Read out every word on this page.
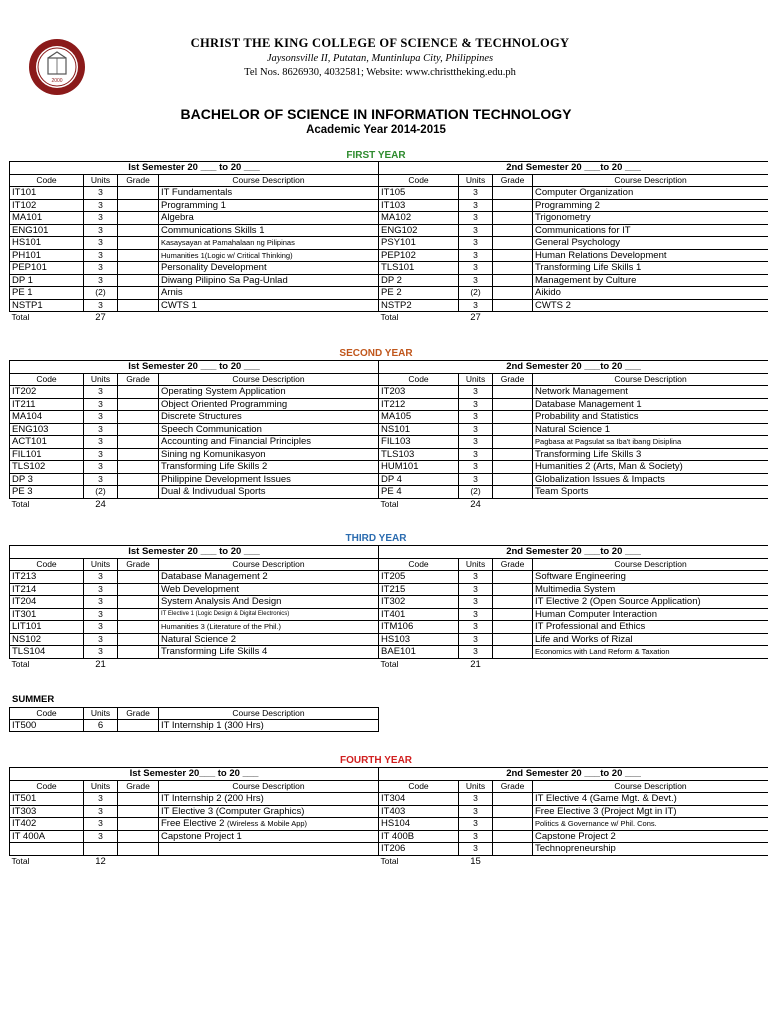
2000
CHRIST THE KING COLLEGE OF SCIENCE & TECHNOLOGY
Jaysonsville II, Putatan, Muntinlupa City, Philippines
Tel Nos. 8626930, 4032581; Website: www.christtheking.edu.ph
BACHELOR OF SCIENCE IN INFORMATION TECHNOLOGY
Academic Year 2014-2015
FIRST YEAR
Ist Semester 20 ___ to 20 ___				2nd Semester 20 ___to 20 ___			
Code	Units	Grade	Course Description	Code	Units	Grade	Course Description
IT101	3		IT Fundamentals	IT105	3		Computer Organization
IT102	3		Programming 1	IT103	3		Programming 2
MA101	3		Algebra	MA102	3		Trigonometry
ENG101	3		Communications Skills 1	ENG102	3		Communications for IT
HS101	3		Kasaysayan at Pamahalaan ng Pilipinas	PSY101	3		General Psychology
PH101	3		Humanities 1(Logic w/ Critical Thinking)	PEP102	3		Human Relations Development
PEP101	3		Personality Development	TLS101	3		Transforming Life Skills 1
DP 1	3		Diwang Pilipino Sa Pag-Unlad	DP 2	3		Management by Culture
PE 1	(2)		Arnis	PE 2	(2)		Aikido
NSTP1	3		CWTS 1	NSTP2	3		CWTS 2
Total	27			Total	27		
SECOND YEAR
Ist Semester 20 ___ to 20 ___				2nd Semester 20 ___to 20 ___			
Code	Units	Grade	Course Description	Code	Units	Grade	Course Description
IT202	3		Operating System Application	IT203	3		Network Management
IT211	3		Object Oriented Programming	IT212	3		Database Management 1
MA104	3		Discrete Structures	MA105	3		Probability and Statistics
ENG103	3		Speech Communication	NS101	3		Natural Science 1
ACT101	3		Accounting and Financial Principles	FIL103	3		Pagbasa at Pagsulat sa Iba't ibang Disiplina
FIL101	3		Sining ng Komunikasyon	TLS103	3		Transforming Life Skills 3
TLS102	3		Transforming Life Skills 2	HUM101	3		Humanities 2 (Arts, Man & Society)
DP 3	3		Philippine Development Issues	DP 4	3		Globalization Issues & Impacts
PE 3	(2)		Dual & Indivudual Sports	PE 4	(2)		Team Sports
Total	24			Total	24		
THIRD YEAR
Ist Semester 20 ___ to 20 ___				2nd Semester 20 ___to 20 ___			
Code	Units	Grade	Course Description	Code	Units	Grade	Course Description
IT213	3		Database Management 2	IT205	3		Software Engineering
IT214	3		Web Development	IT215	3		Multimedia System
IT204	3		System Analysis And Design	IT302	3		IT Elective 2 (Open Source Application)
IT301	3		IT Elective 1 (Logic Design & Digital Electronics)	IT401	3		Human Computer Interaction
LIT101	3		Humanities 3 (Literature of the Phil.)	ITM106	3		IT Professional and Ethics
NS102	3		Natural Science 2	HS103	3		Life and Works of Rizal
TLS104	3		Transforming Life Skills 4	BAE101	3		Economics with Land Reform & Taxation
Total	21			Total	21		
SUMMER
Code	Units	Grade	Course Description
IT500	6		IT Internship 1 (300 Hrs)
FOURTH YEAR
Ist Semester 20___ to 20 ___				2nd Semester 20 ___to 20 ___			
Code	Units	Grade	Course Description	Code	Units	Grade	Course Description
IT501	3		IT Internship 2 (200 Hrs)	IT304	3		IT Elective 4 (Game Mgt. & Devt.)
IT303	3		IT Elective 3 (Computer Graphics)	IT403	3		Free Elective 3 (Project Mgt in IT)
IT402	3		Free Elective 2 (Wireless & Mobile App)	HS104	3		Politics & Governance w/ Phil. Cons.
IT 400A	3		Capstone Project 1	IT 400B	3		Capstone Project 2
				IT206	3		Technopreneurship
Total	12			Total	15		
